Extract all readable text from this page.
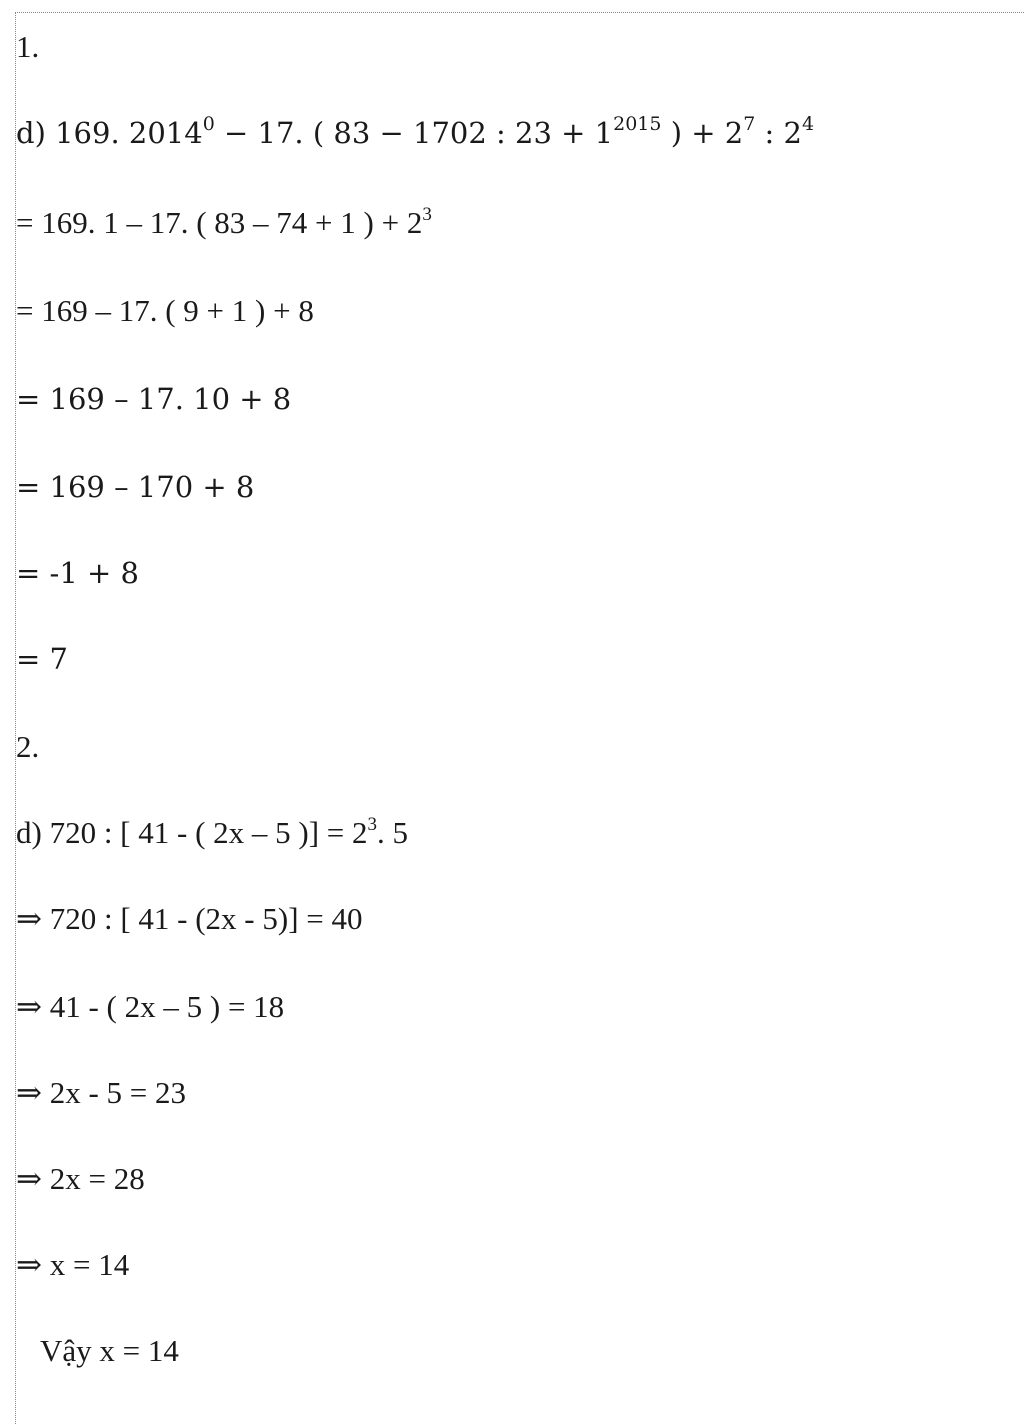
1.
d) 169. $2014^0 - 17$. ( 83 − 1702 : $23 + 1^{2015}$ ) + $2^7$ : $2^4$
= 169. 1 – 17. ( 83 – 74 + 1 ) + $2^3$
= 169 – 17. ( 9 + 1 ) + 8
= 169 – 17. 10 + 8
= 169 – 170 + 8
= -1 + 8
= 7
2.
d) 720 : [ 41 - ( 2x – 5 )] = $2^3$. 5
⇒ 720 : [ 41 - (2x - 5)] = 40
⇒ 41 - ( 2x – 5 ) = 18
⇒ 2x - 5 = 23
⇒ 2x = 28
⇒ x = 14
Vậy x = 14
